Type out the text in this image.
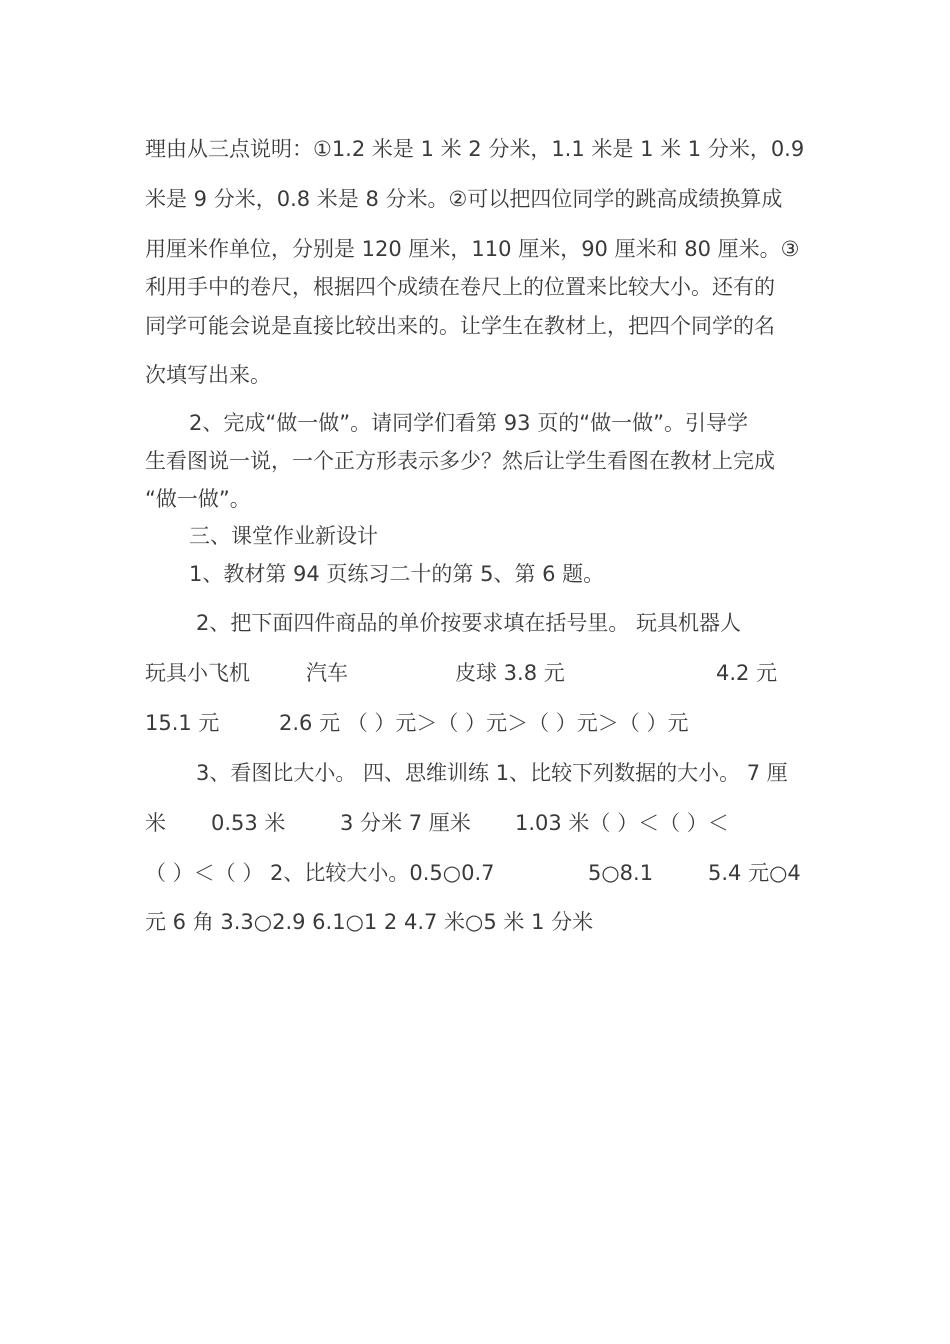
理由从三点说明：①1.2 米是 1 米 2 分米，1.1 米是 1 米 1 分米，0.9
米是 9 分米，0.8 米是 8 分米。②可以把四位同学的跳高成绩换算成
用厘米作单位，分别是 120 厘米，110 厘米，90 厘米和 80 厘米。③
利用手中的卷尺，根据四个成绩在卷尺上的位置来比较大小。还有的
同学可能会说是直接比较出来的。让学生在教材上，把四个同学的名
次填写出来。
2、完成“做一做”。请同学们看第 93 页的“做一做”。引导学
生看图说一说，一个正方形表示多少？然后让学生看图在教材上完成
“做一做”。
三、课堂作业新设计
1、教材第 94 页练习二十的第 5、第 6 题。
2、把下面四件商品的单价按要求填在括号里。 玩具机器人
玩具小飞机	汽车	皮球 3.8 元	4.2 元
15.1 元	2.6 元 （ ）元＞（ ）元＞（ ）元＞（ ）元
3、看图比大小。 四、思维训练 1、比较下列数据的大小。 7 厘
米 0.53 米	3 分米 7 厘米 1.03 米（ ）＜（ ）＜
（ ）＜（ ） 2、比较大小。0.5○0.7	5○8.1	5.4 元○4
元 6 角 3.3○2.9 6.1○1 2 4.7 米○5 米 1 分米
